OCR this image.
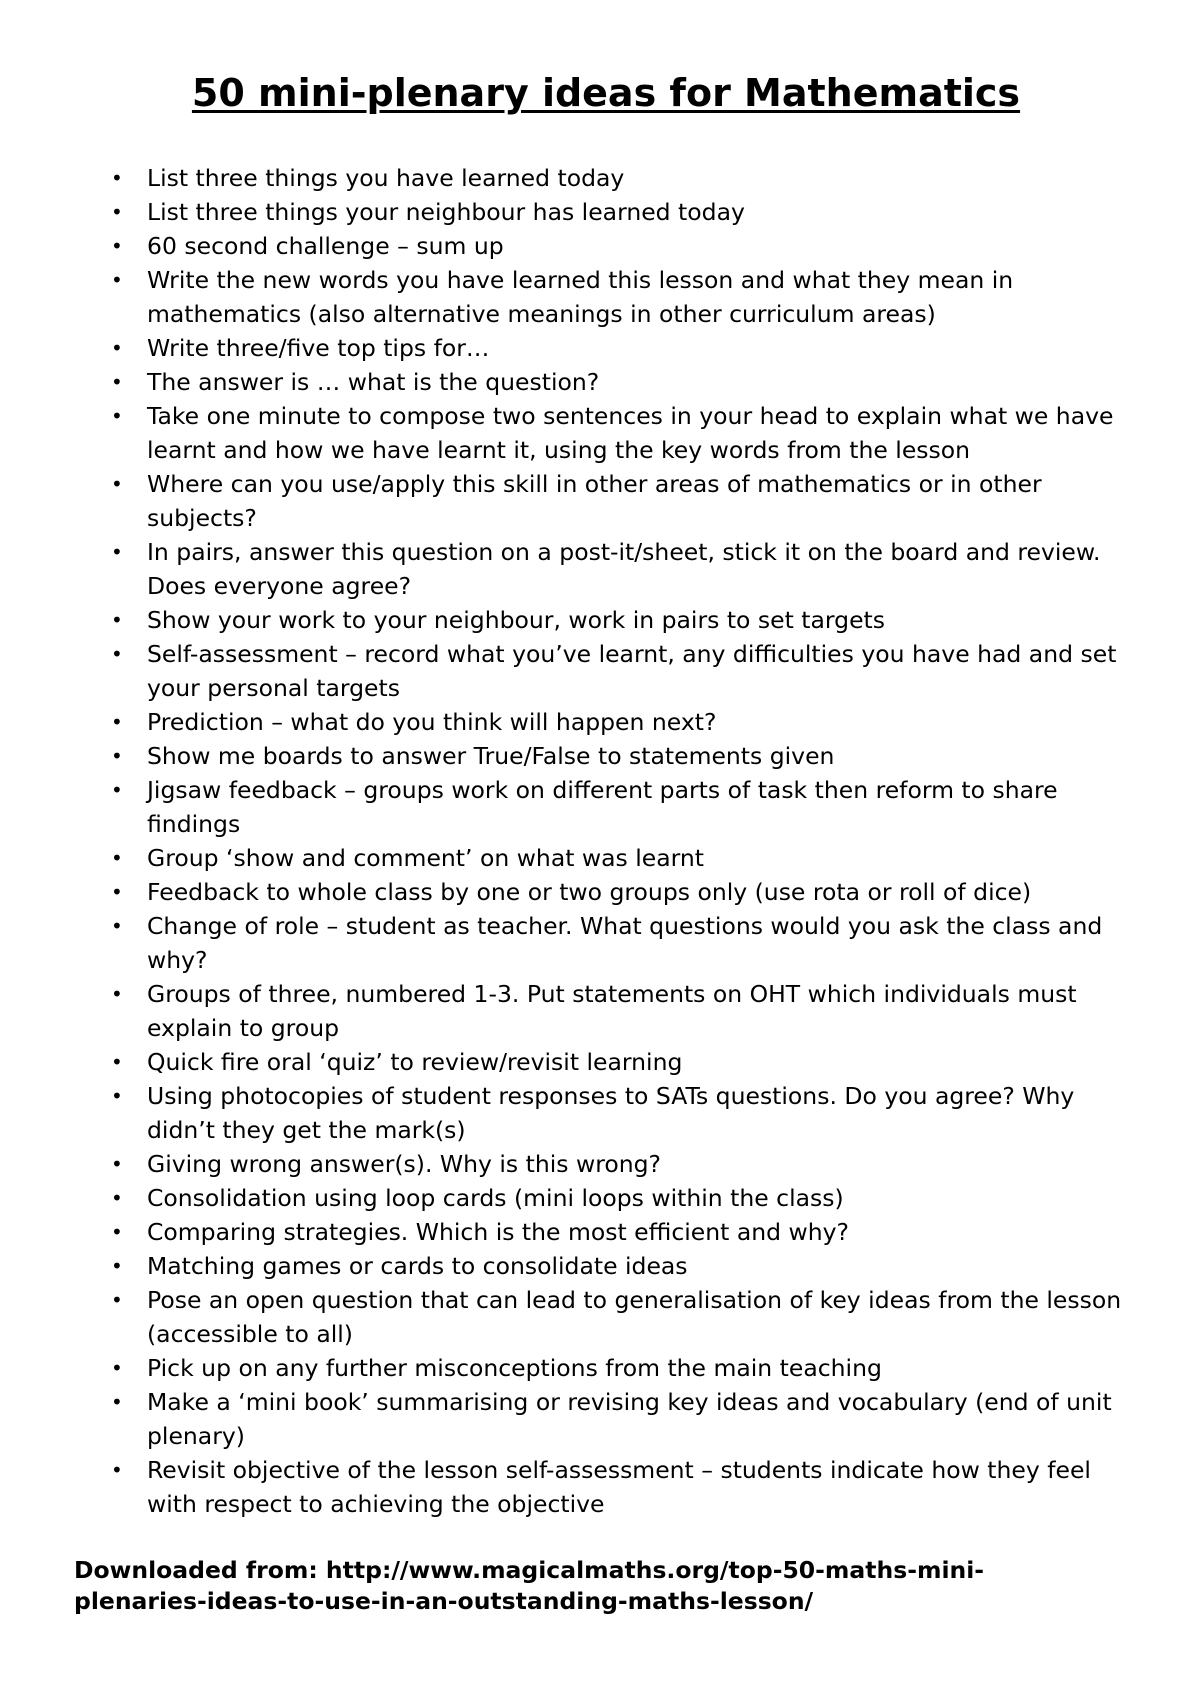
50 mini-plenary ideas for Mathematics
•	List three things you have learned today
•	List three things your neighbour has learned today
•	60 second challenge – sum up
•	Write the new words you have learned this lesson and what they mean in mathematics (also alternative meanings in other curriculum areas)
•	Write three/five top tips for…
•	The answer is … what is the question?
•	Take one minute to compose two sentences in your head to explain what we have learnt and how we have learnt it, using the key words from the lesson
•	Where can you use/apply this skill in other areas of mathematics or in other subjects?
•	In pairs, answer this question on a post-it/sheet, stick it on the board and review. Does everyone agree?
•	Show your work to your neighbour, work in pairs to set targets
•	Self-assessment – record what you’ve learnt, any difficulties you have had and set your personal targets
•	Prediction – what do you think will happen next?
•	Show me boards to answer True/False to statements given
•	Jigsaw feedback – groups work on different parts of task then reform to share findings
•	Group ‘show and comment’ on what was learnt
•	Feedback to whole class by one or two groups only (use rota or roll of dice)
•	Change of role – student as teacher. What questions would you ask the class and why?
•	Groups of three, numbered 1-3. Put statements on OHT which individuals must explain to group
•	Quick fire oral ‘quiz’ to review/revisit learning
•	Using photocopies of student responses to SATs questions. Do you agree? Why didn’t they get the mark(s)
•	Giving wrong answer(s). Why is this wrong?
•	Consolidation using loop cards (mini loops within the class)
•	Comparing strategies. Which is the most efficient and why?
•	Matching games or cards to consolidate ideas
•	Pose an open question that can lead to generalisation of key ideas from the lesson (accessible to all)
•	Pick up on any further misconceptions from the main teaching
•	Make a ‘mini book’ summarising or revising key ideas and vocabulary (end of unit plenary)
•	Revisit objective of the lesson self-assessment – students indicate how they feel with respect to achieving the objective
Downloaded from: http://www.magicalmaths.org/top-50-maths-mini-
plenaries-ideas-to-use-in-an-outstanding-maths-lesson/
